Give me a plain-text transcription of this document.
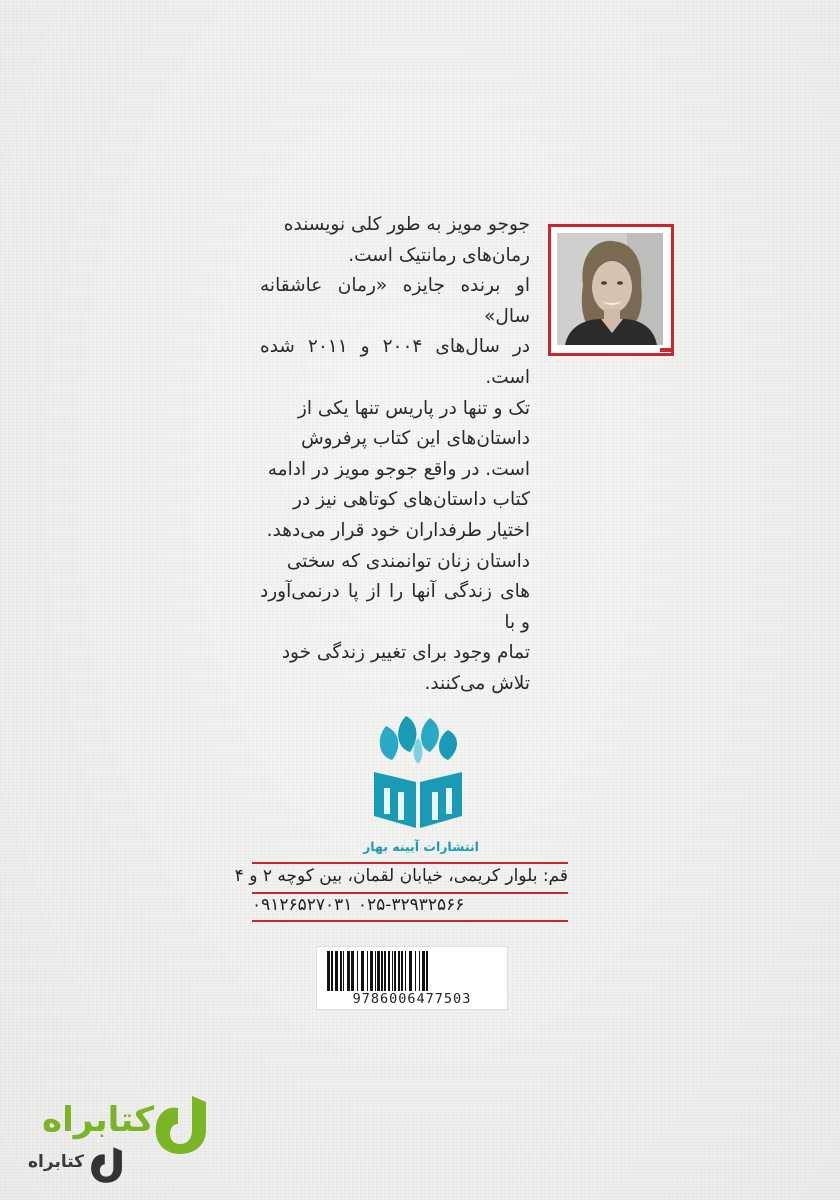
جوجو مویز به طور کلی نویسنده

رمان‌های رمانتیک است.

او برنده جایزه «رمان عاشقانه سال»

در سال‌های ۲۰۰۴ و ۲۰۱۱ شده است.

تک و تنها در پاریس تنها یکی از

داستان‌های این کتاب پرفروش

است. در واقع جوجو مویز در ادامه

کتاب داستان‌های کوتاهی نیز در

اختیار طرفداران خود قرار می‌دهد.

داستان زنان توانمندی که سختی

های زندگی آنها را از پا درنمی‌آورد و با

تمام وجود برای تغییر زندگی خود

تلاش می‌کنند.

انتشارات آیینه بهار
قم: بلوار کریمی، خیابان لقمان، بین کوچه ۲ و ۴
۰۹۱۲۶۵۲۷۰۳۱ ۰۲۵-۳۲۹۳۲۵۶۶
9786006477503
کتابراه
کتابراه
